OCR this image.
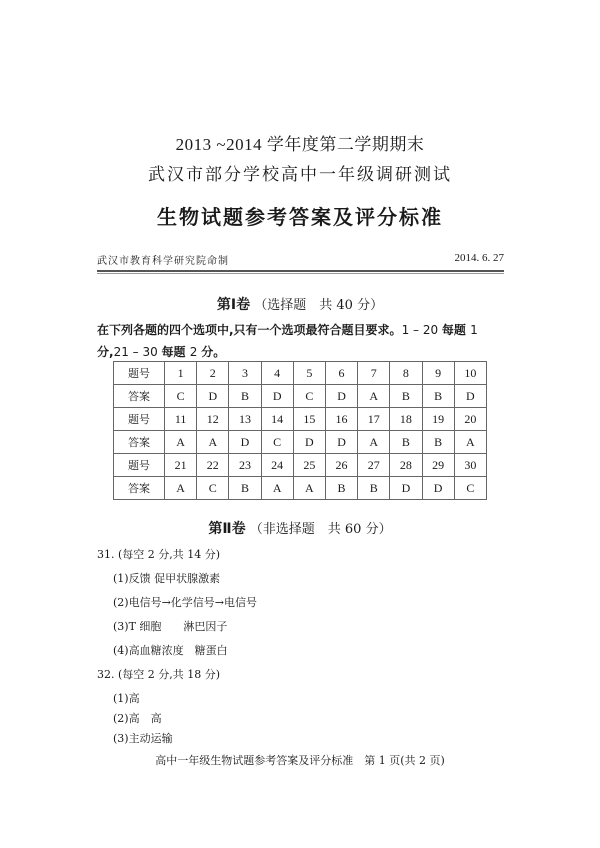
2013 ~2014 学年度第二学期期末
武汉市部分学校高中一年级调研测试
生物试题参考答案及评分标准
武汉市教育科学研究院命制	2014. 6. 27
第Ⅰ卷 （选择题　共 40 分）
在下列各题的四个选项中,只有一个选项最符合题目要求。1 – 20 每题 1 分,21 – 30 每题 2 分。
题号	1	2	3	4	5	6	7	8	9	10
答案	C	D	B	D	C	D	A	B	B	D
题号	11	12	13	14	15	16	17	18	19	20
答案	A	A	D	C	D	D	A	B	B	A
题号	21	22	23	24	25	26	27	28	29	30
答案	A	C	B	A	A	B	B	D	D	C
第Ⅱ卷 （非选择题　共 60 分）
31. (每空 2 分,共 14 分)
(1)反馈 促甲状腺激素
(2)电信号→化学信号→电信号
(3)T 细胞　　淋巴因子
(4)高血糖浓度　糖蛋白
32. (每空 2 分,共 18 分)
(1)高
(2)高　高
(3)主动运输
高中一年级生物试题参考答案及评分标准　第 1 页(共 2 页)
